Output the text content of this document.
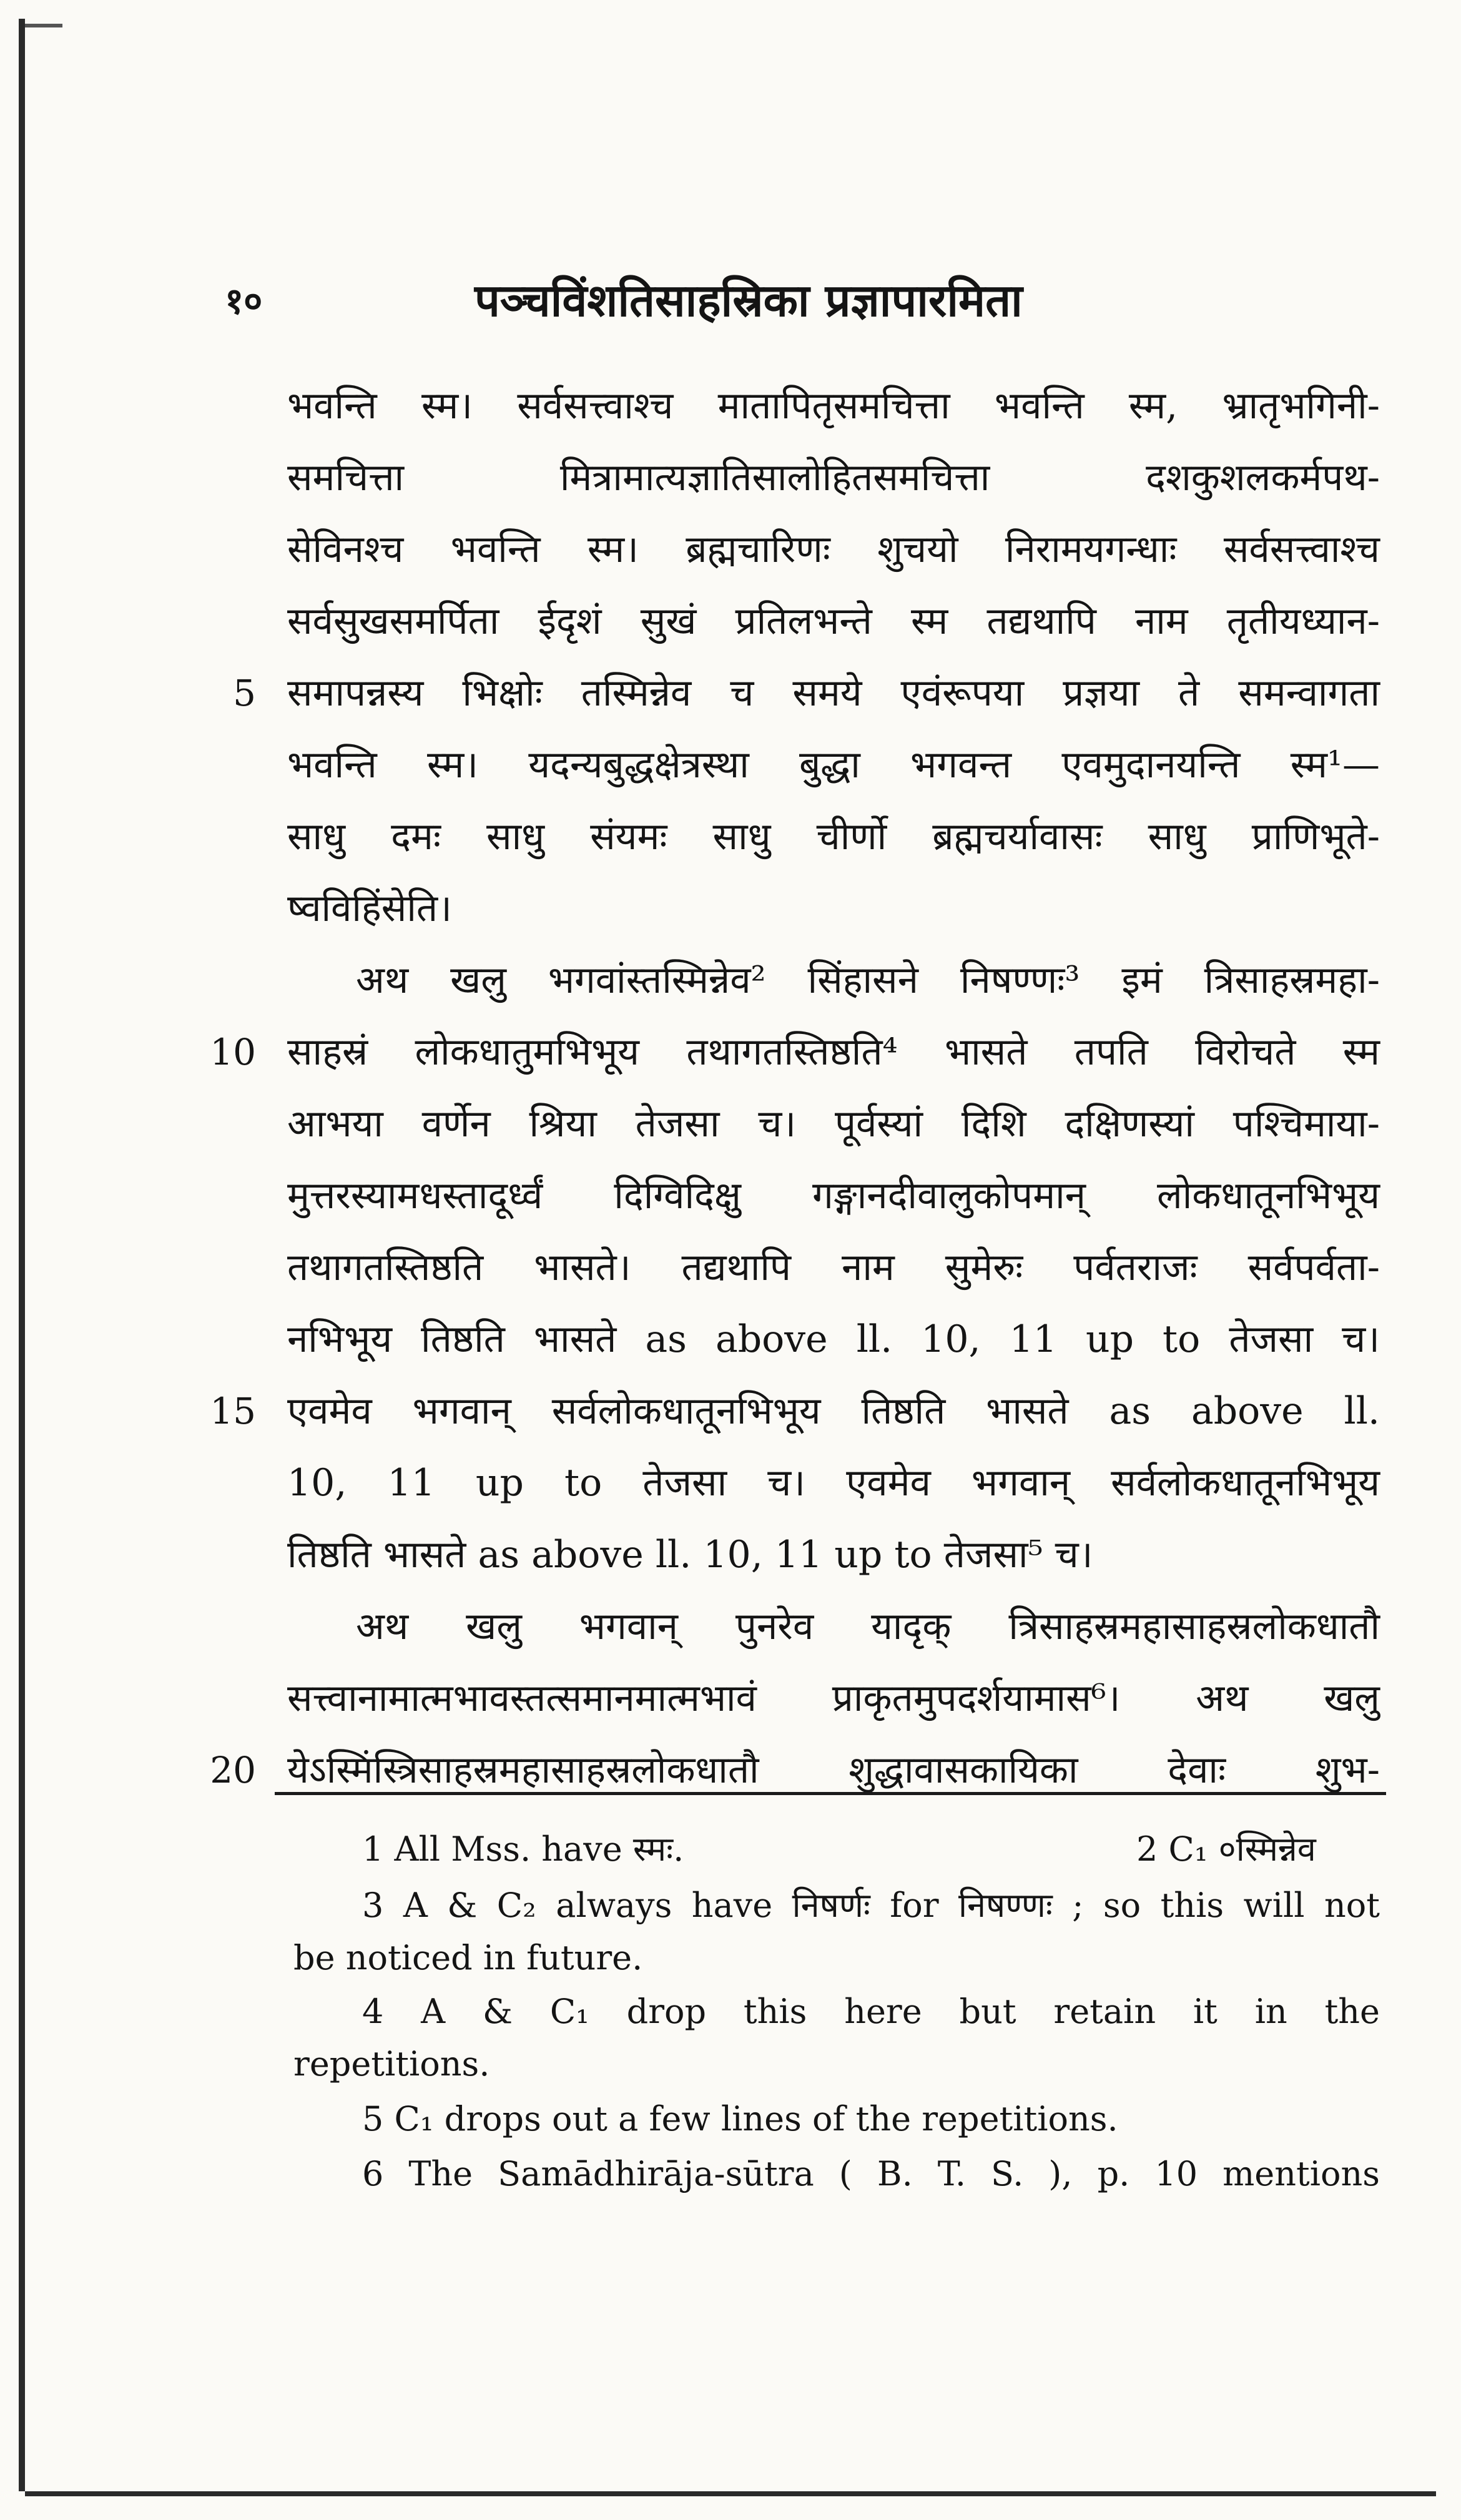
१०	पञ्चविंशतिसाहस्रिका प्रज्ञापारमिता
भवन्ति स्म। सर्वसत्त्वाश्च मातापितृसमचित्ता भवन्ति स्म, भ्रातृभगिनी-
समचित्ता मित्रामात्यज्ञातिसालोहितसमचित्ता दशकुशलकर्मपथ-
सेविनश्च भवन्ति स्म। ब्रह्मचारिणः शुचयो निरामयगन्धाः सर्वसत्त्वाश्च
सर्वसुखसमर्पिता ईदृशं सुखं प्रतिलभन्ते स्म तद्यथापि नाम तृतीयध्यान-
समापन्नस्य भिक्षोः तस्मिन्नेव च समये एवंरूपया प्रज्ञया ते समन्वागता
भवन्ति स्म। यदन्यबुद्धक्षेत्रस्था बुद्धा भगवन्त एवमुदानयन्ति स्म¹—
साधु दमः साधु संयमः साधु चीर्णो ब्रह्मचर्यावासः साधु प्राणिभूते-
ष्वविहिंसेति।
अथ खलु भगवांस्तस्मिन्नेव² सिंहासने निषण्णः³ इमं त्रिसाहस्रमहा-
साहस्रं लोकधातुमभिभूय तथागतस्तिष्ठति⁴ भासते तपति विरोचते स्म
आभया वर्णेन श्रिया तेजसा च। पूर्वस्यां दिशि दक्षिणस्यां पश्चिमाया-
मुत्तरस्यामधस्तादूर्ध्वं दिग्विदिक्षु गङ्गानदीवालुकोपमान् लोकधातूनभिभूय
तथागतस्तिष्ठति भासते। तद्यथापि नाम सुमेरुः पर्वतराजः सर्वपर्वता-
नभिभूय तिष्ठति भासते as above ll. 10, 11 up to तेजसा च।
एवमेव भगवान् सर्वलोकधातूनभिभूय तिष्ठति भासते as above ll.
10, 11 up to तेजसा च। एवमेव भगवान् सर्वलोकधातूनभिभूय
तिष्ठति भासते as above ll. 10, 11 up to तेजसा⁵ च।
अथ खलु भगवान् पुनरेव यादृक् त्रिसाहस्रमहासाहस्रलोकधातौ
सत्त्वानामात्मभावस्तत्समानमात्मभावं प्राकृतमुपदर्शयामास⁶। अथ खलु
येऽस्मिंस्त्रिसाहस्रमहासाहस्रलोकधातौ शुद्धावासकायिका देवाः शुभ-
5
10
15
20
1 All Mss. have स्मः.	2 C₁ ०स्मिन्नेव
3 A & C₂ always have निषर्णः for निषण्णः ; so this will not
be noticed in future.
4 A & C₁ drop this here but retain it in the
repetitions.
5 C₁ drops out a few lines of the repetitions.
6 The Samādhirāja-sūtra ( B. T. S. ), p. 10 mentions
